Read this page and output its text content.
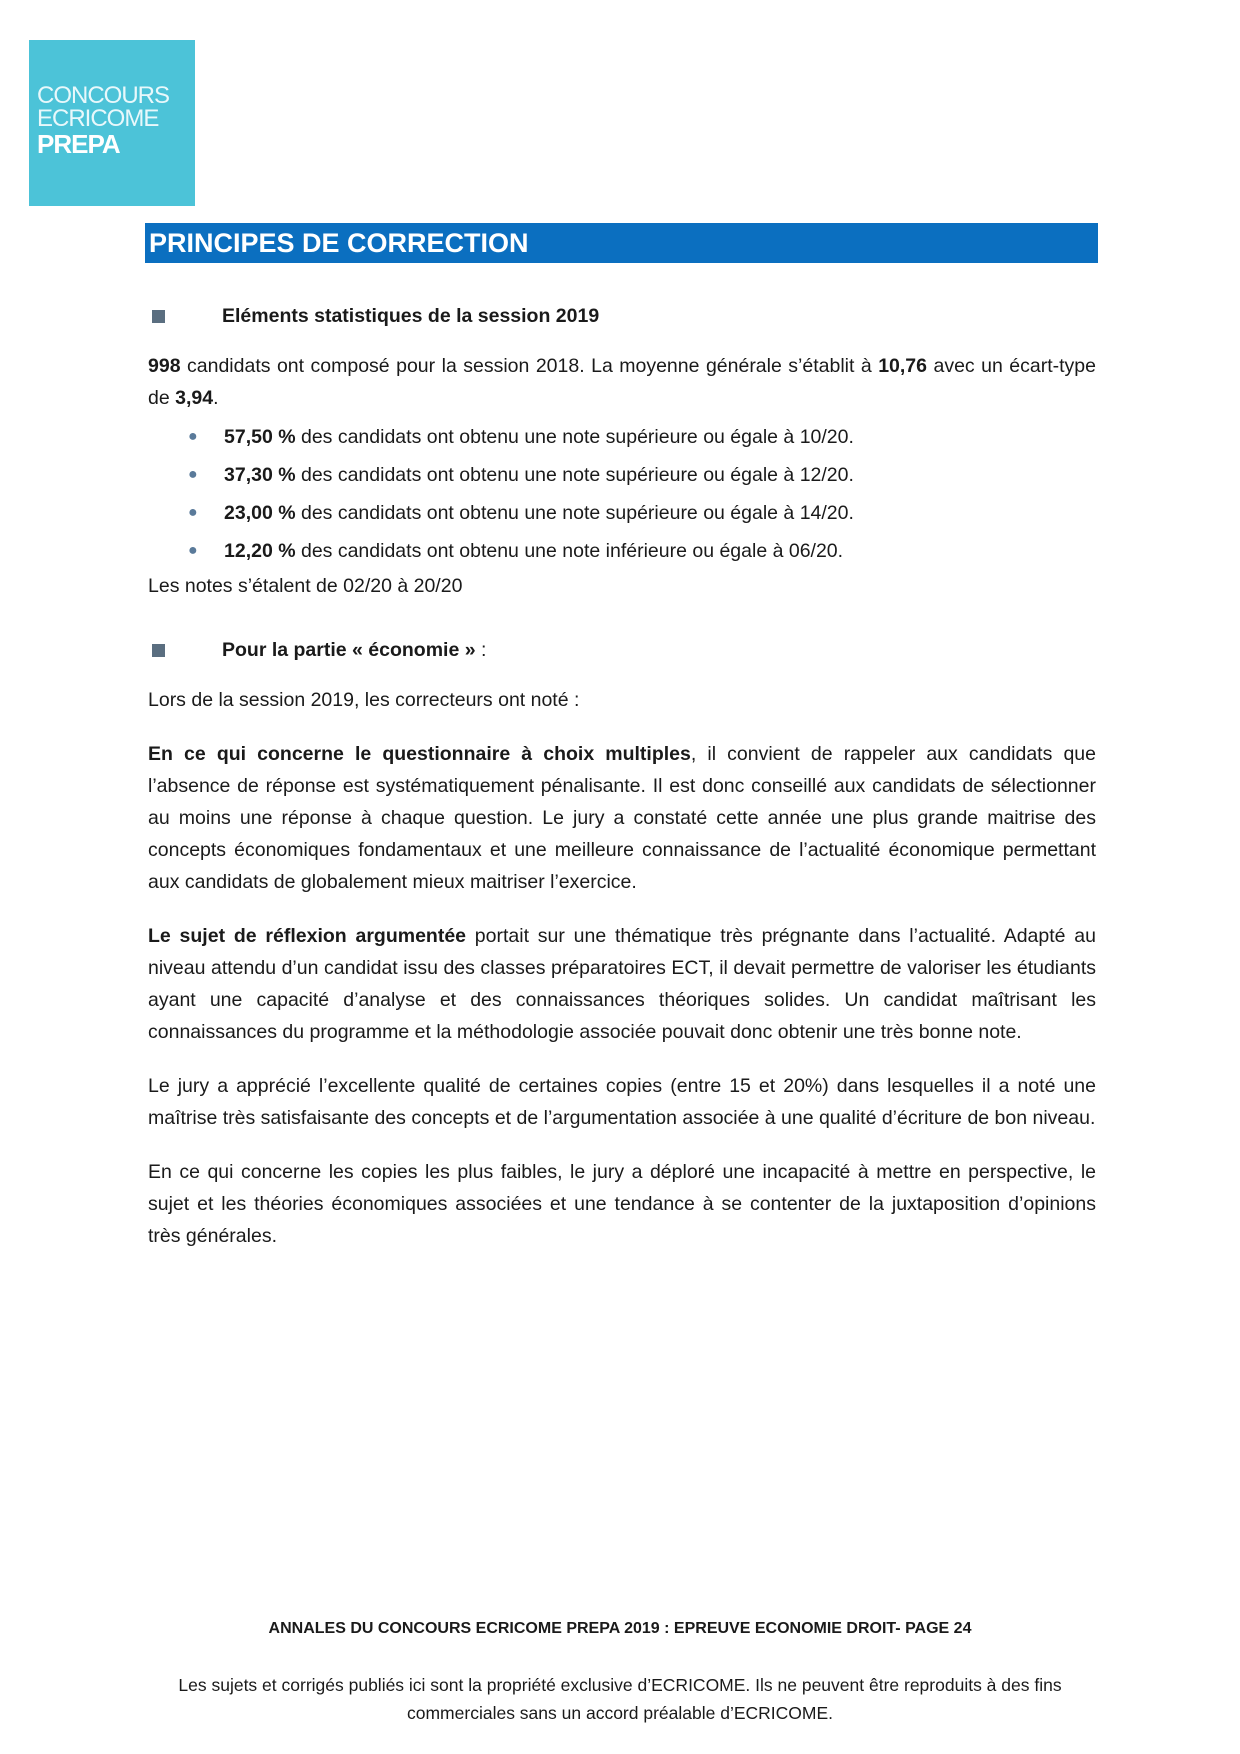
CONCOURS
ECRICOME
PREPA
PRINCIPES DE CORRECTION
Eléments statistiques de la session 2019

998 candidats ont composé pour la session 2018. La moyenne générale s’établit à 10,76 avec un écart-type de 3,94.

● 57,50 % des candidats ont obtenu une note supérieure ou égale à 10/20.
● 37,30 % des candidats ont obtenu une note supérieure ou égale à 12/20.
● 23,00 % des candidats ont obtenu une note supérieure ou égale à 14/20.
● 12,20 % des candidats ont obtenu une note inférieure ou égale à 06/20.

Les notes s’étalent de 02/20 à 20/20

Pour la partie « économie » :

Lors de la session 2019, les correcteurs ont noté :

En ce qui concerne le questionnaire à choix multiples, il convient de rappeler aux candidats que l’absence de réponse est systématiquement pénalisante. Il est donc conseillé aux candidats de sélectionner au moins une réponse à chaque question. Le jury a constaté cette année une plus grande maitrise des concepts économiques fondamentaux et une meilleure connaissance de l’actualité économique permettant aux candidats de globalement mieux maitriser l’exercice.

Le sujet de réflexion argumentée portait sur une thématique très prégnante dans l’actualité. Adapté au niveau attendu d’un candidat issu des classes préparatoires ECT, il devait permettre de valoriser les étudiants ayant une capacité d’analyse et des connaissances théoriques solides. Un candidat maîtrisant les connaissances du programme et la méthodologie associée pouvait donc obtenir une très bonne note.

Le jury a apprécié l’excellente qualité de certaines copies (entre 15 et 20%) dans lesquelles il a noté une maîtrise très satisfaisante des concepts et de l’argumentation associée à une qualité d’écriture de bon niveau.

En ce qui concerne les copies les plus faibles, le jury a déploré une incapacité à mettre en perspective, le sujet et les théories économiques associées et une tendance à se contenter de la juxtaposition d’opinions très générales.

ANNALES DU CONCOURS ECRICOME PREPA 2019 : EPREUVE ECONOMIE DROIT- PAGE 24
Les sujets et corrigés publiés ici sont la propriété exclusive d’ECRICOME. Ils ne peuvent être reproduits à des fins commerciales sans un accord préalable d’ECRICOME.
